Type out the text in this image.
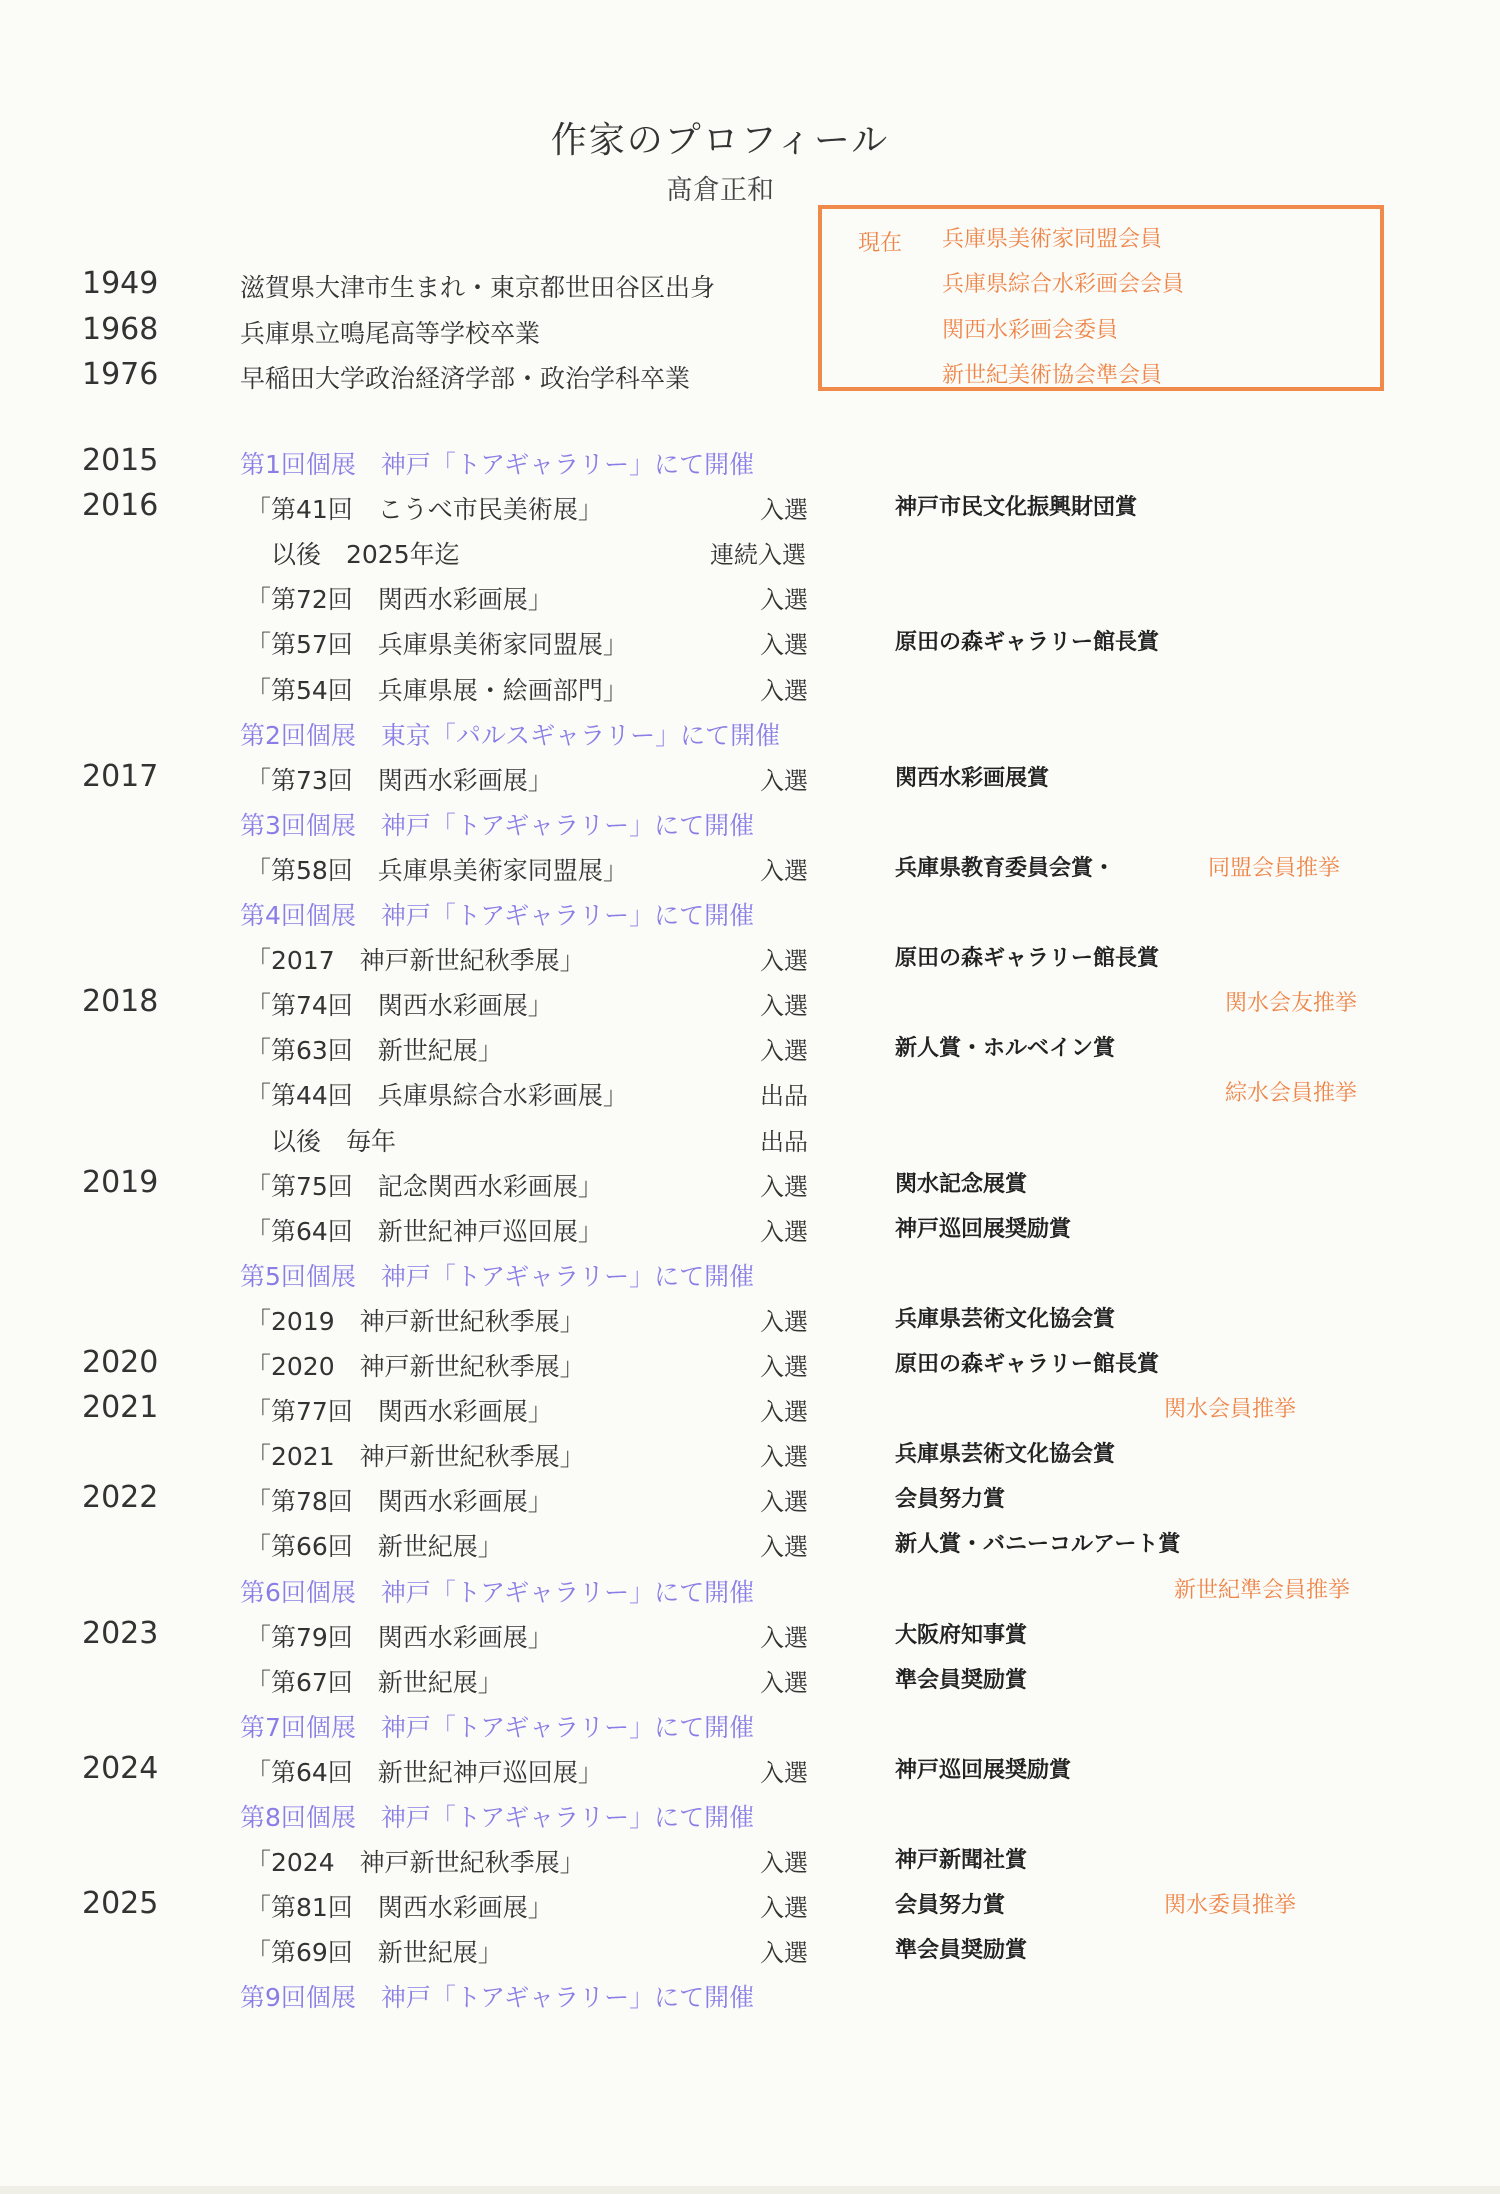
作家のプロフィール
髙倉正和
現在 兵庫県美術家同盟会員
兵庫県綜合水彩画会会員
関西水彩画会委員
新世紀美術協会準会員
1949	滋賀県大津市生まれ・東京都世田谷区出身
1968	兵庫県立鳴尾高等学校卒業
1976	早稲田大学政治経済学部・政治学科卒業
2015	第1回個展　神戸「トアギャラリー」にて開催
2016	「第41回　こうべ市民美術展」	入選	神戸市民文化振興財団賞
　以後　2025年迄	連続入選
「第72回　関西水彩画展」	入選
「第57回　兵庫県美術家同盟展」	入選	原田の森ギャラリー館長賞
「第54回　兵庫県展・絵画部門」	入選
第2回個展　東京「パルスギャラリー」にて開催
2017	「第73回　関西水彩画展」	入選	関西水彩画展賞
第3回個展　神戸「トアギャラリー」にて開催
「第58回　兵庫県美術家同盟展」	入選	兵庫県教育委員会賞・	同盟会員推挙
第4回個展　神戸「トアギャラリー」にて開催
「2017　神戸新世紀秋季展」	入選	原田の森ギャラリー館長賞
2018	「第74回　関西水彩画展」	入選	関水会友推挙
「第63回　新世紀展」	入選	新人賞・ホルベイン賞
「第44回　兵庫県綜合水彩画展」	出品	綜水会員推挙
　以後　毎年	出品
2019	「第75回　記念関西水彩画展」	入選	関水記念展賞
「第64回　新世紀神戸巡回展」	入選	神戸巡回展奨励賞
第5回個展　神戸「トアギャラリー」にて開催
「2019　神戸新世紀秋季展」	入選	兵庫県芸術文化協会賞
2020	「2020　神戸新世紀秋季展」	入選	原田の森ギャラリー館長賞
2021	「第77回　関西水彩画展」	入選	関水会員推挙
「2021　神戸新世紀秋季展」	入選	兵庫県芸術文化協会賞
2022	「第78回　関西水彩画展」	入選	会員努力賞
「第66回　新世紀展」	入選	新人賞・バニーコルアート賞
第6回個展　神戸「トアギャラリー」にて開催	新世紀準会員推挙
2023	「第79回　関西水彩画展」	入選	大阪府知事賞
「第67回　新世紀展」	入選	準会員奨励賞
第7回個展　神戸「トアギャラリー」にて開催
2024	「第64回　新世紀神戸巡回展」	入選	神戸巡回展奨励賞
第8回個展　神戸「トアギャラリー」にて開催
「2024　神戸新世紀秋季展」	入選	神戸新聞社賞
2025	「第81回　関西水彩画展」	入選	会員努力賞	関水委員推挙
「第69回　新世紀展」	入選	準会員奨励賞
第9回個展　神戸「トアギャラリー」にて開催
